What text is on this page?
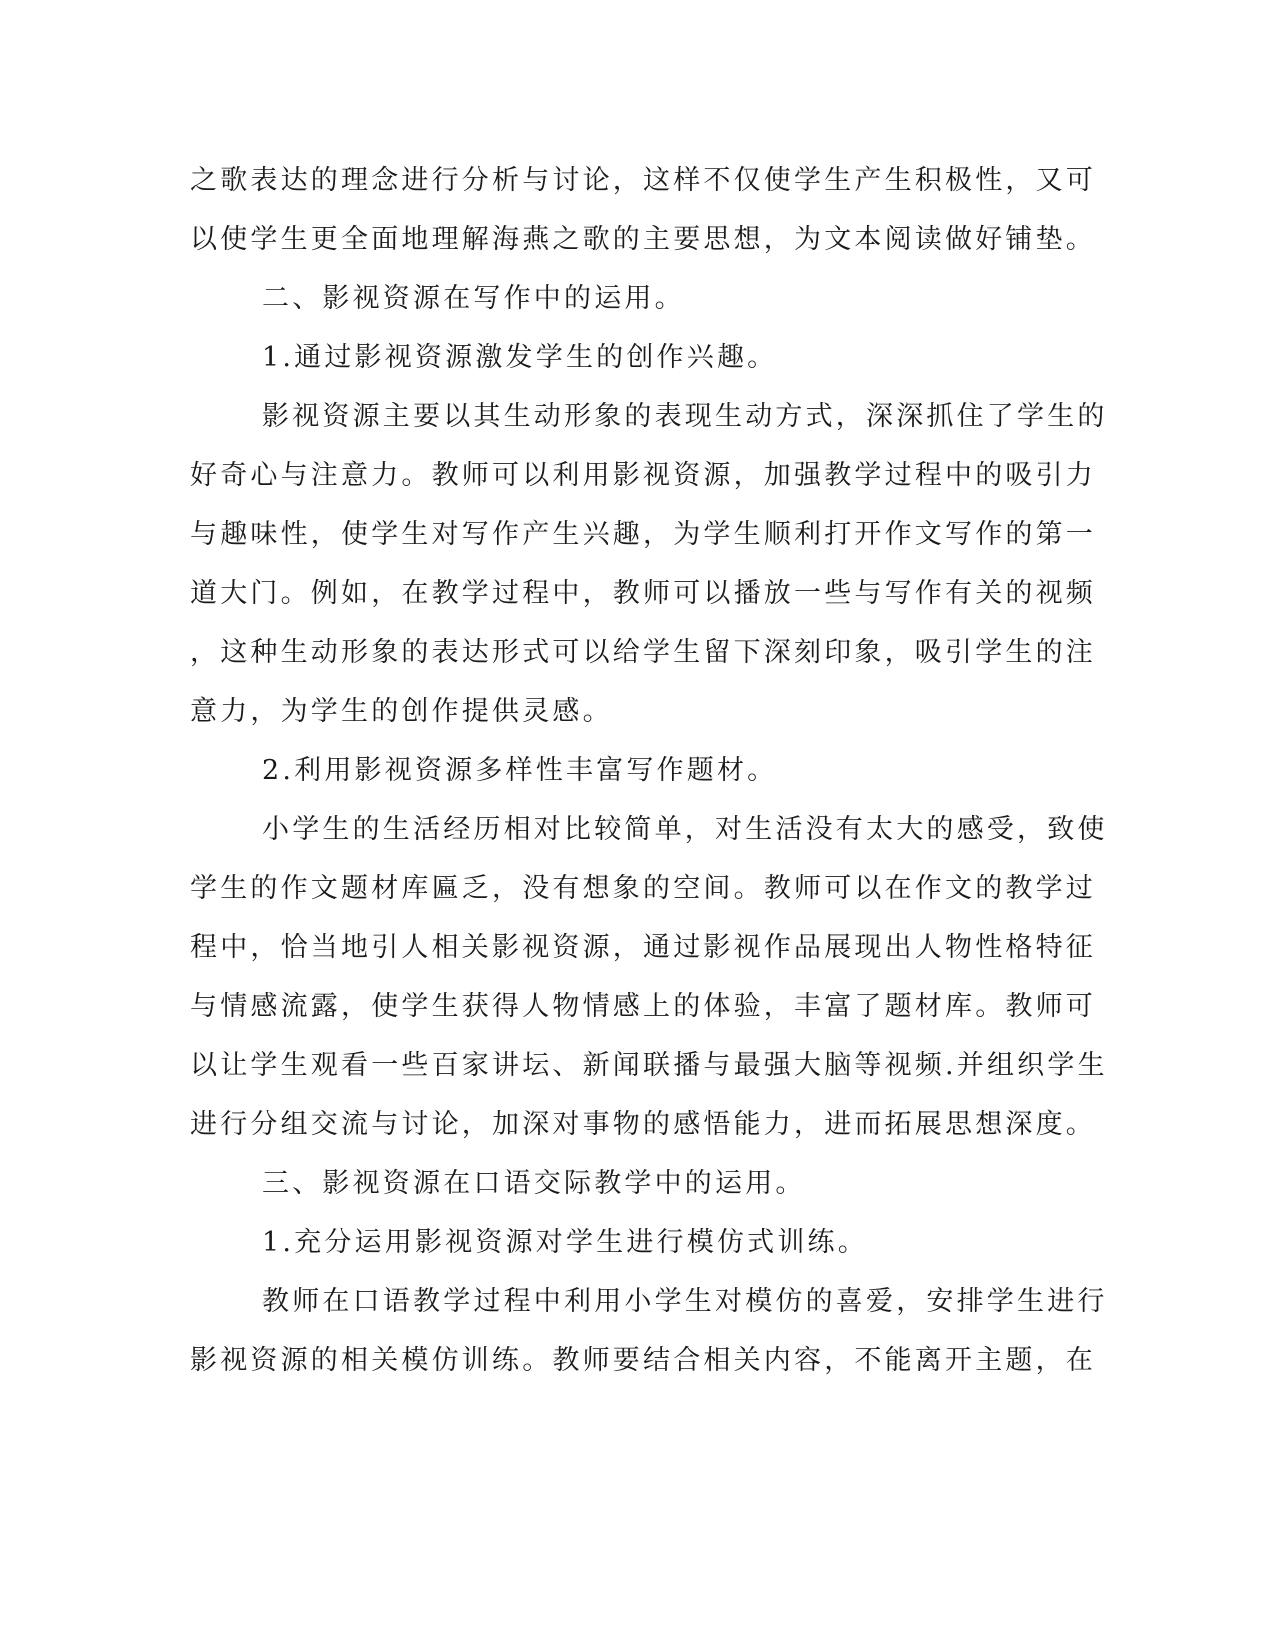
之歌表达的理念进行分析与讨论，这样不仅使学生产生积极性，又可
以使学生更全面地理解海燕之歌的主要思想，为文本阅读做好铺垫。
二、影视资源在写作中的运用。
1.通过影视资源激发学生的创作兴趣。
影视资源主要以其生动形象的表现生动方式，深深抓住了学生的
好奇心与注意力。教师可以利用影视资源，加强教学过程中的吸引力
与趣味性，使学生对写作产生兴趣，为学生顺利打开作文写作的第一
道大门。例如，在教学过程中，教师可以播放一些与写作有关的视频
，这种生动形象的表达形式可以给学生留下深刻印象，吸引学生的注
意力，为学生的创作提供灵感。
2.利用影视资源多样性丰富写作题材。
小学生的生活经历相对比较简单，对生活没有太大的感受，致使
学生的作文题材库匾乏，没有想象的空间。教师可以在作文的教学过
程中，恰当地引人相关影视资源，通过影视作品展现出人物性格特征
与情感流露，使学生获得人物情感上的体验，丰富了题材库。教师可
以让学生观看一些百家讲坛、新闻联播与最强大脑等视频.并组织学生
进行分组交流与讨论，加深对事物的感悟能力，进而拓展思想深度。
三、影视资源在口语交际教学中的运用。
1.充分运用影视资源对学生进行模仿式训练。
教师在口语教学过程中利用小学生对模仿的喜爱，安排学生进行
影视资源的相关模仿训练。教师要结合相关内容，不能离开主题，在
